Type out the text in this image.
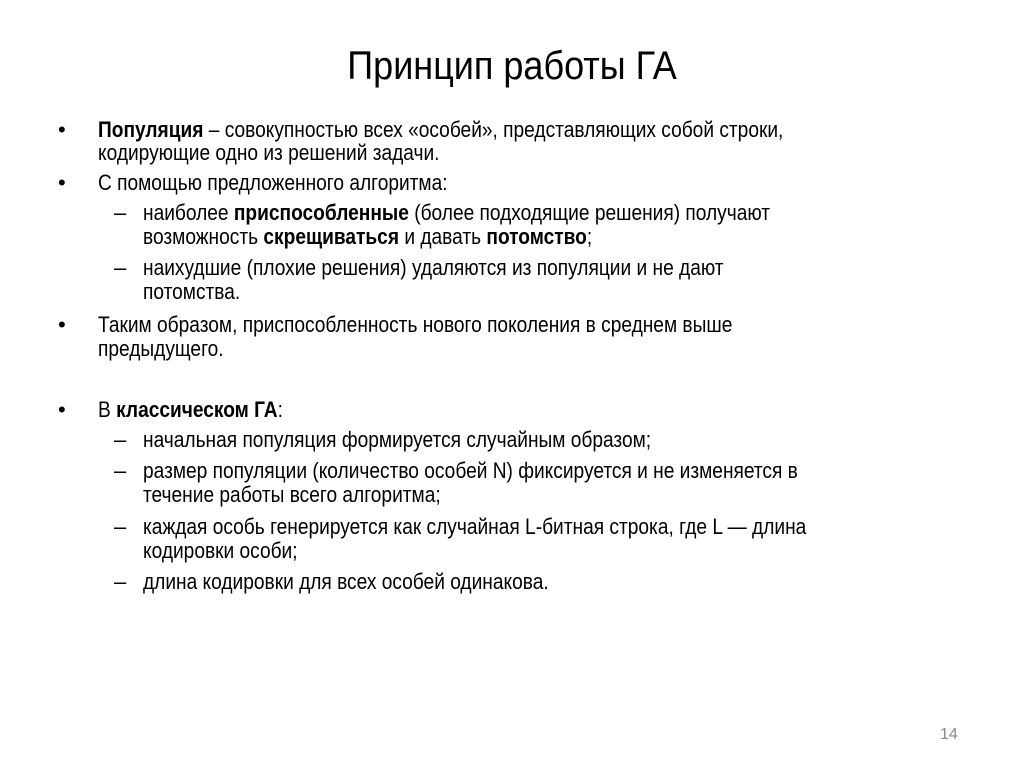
Принцип работы ГА
• Популяция – совокупностью всех «особей», представляющих собой строки,
кодирующие одно из решений задачи.
• С помощью предложенного алгоритма:
– наиболее приспособленные (более подходящие решения) получают
возможность скрещиваться и давать потомство;
– наихудшие (плохие решения) удаляются из популяции и не дают
потомства.
• Таким образом, приспособленность нового поколения в среднем выше
предыдущего.
• В классическом ГА:
– начальная популяция формируется случайным образом;
– размер популяции (количество особей N) фиксируется и не изменяется в
течение работы всего алгоритма;
– каждая особь генерируется как случайная L-битная строка, где L — длина
кодировки особи;
– длина кодировки для всех особей одинакова.
14
